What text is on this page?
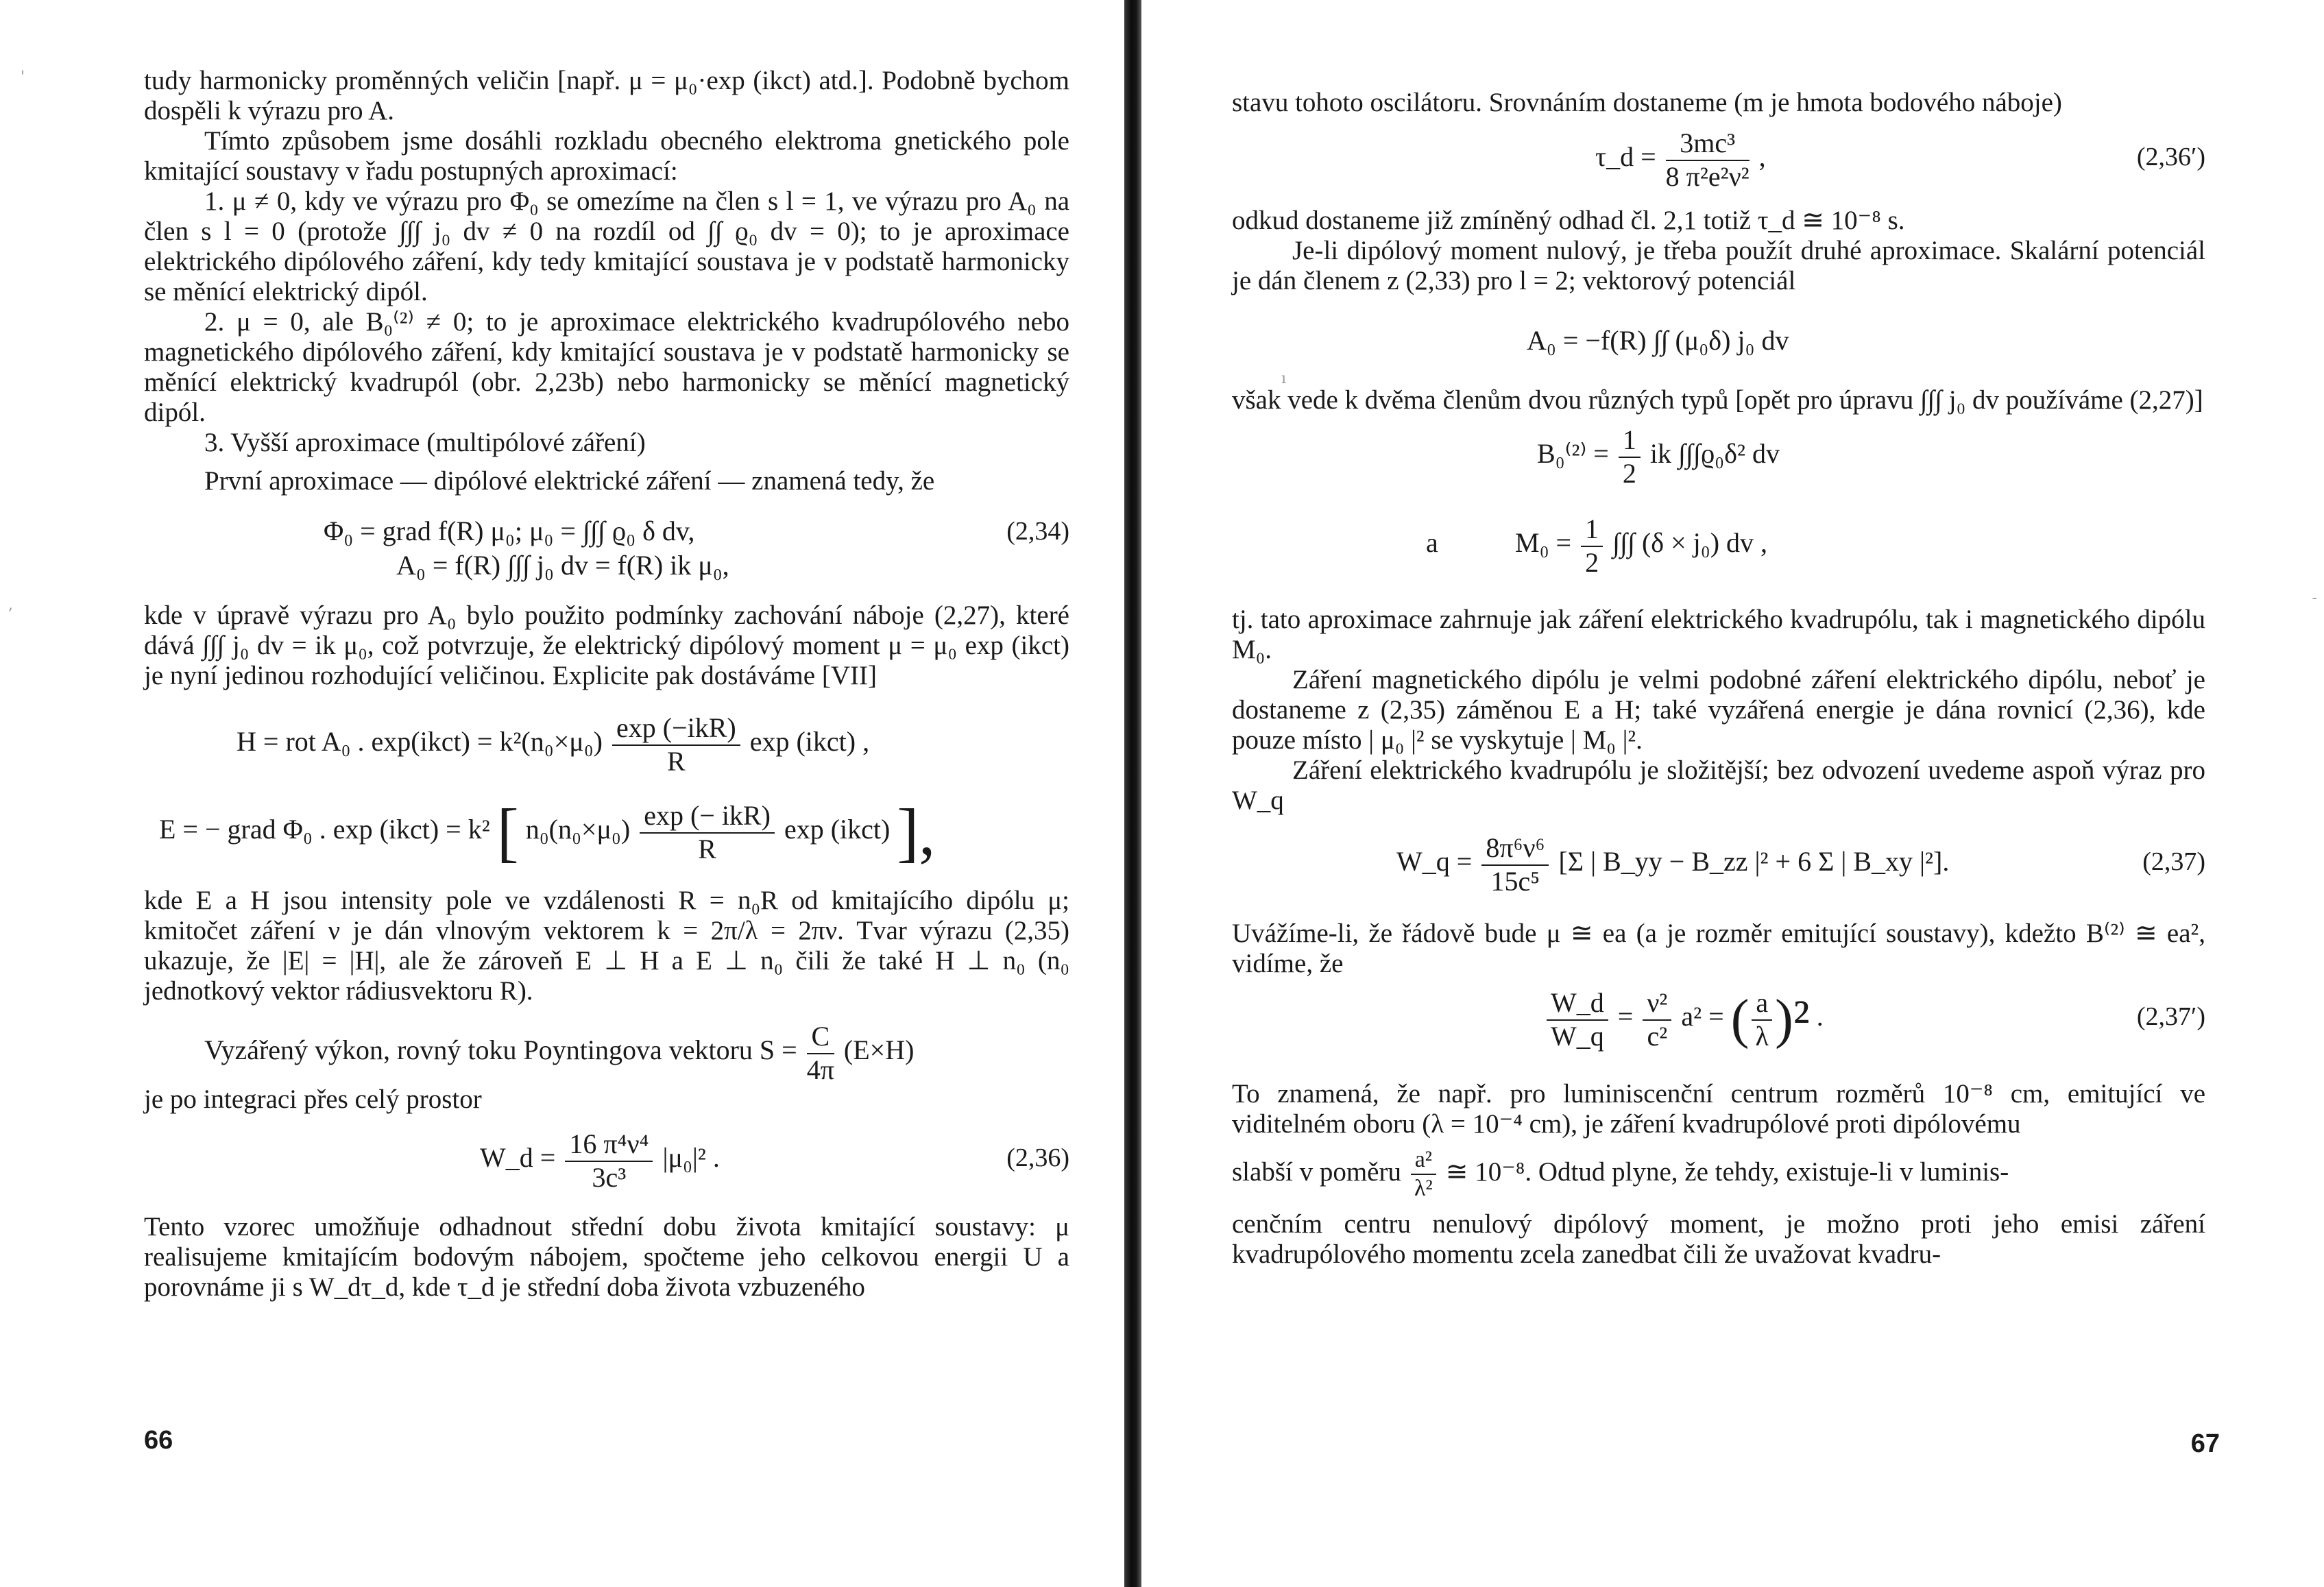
tudy harmonicky proměnných veličin [např. μ = μ₀·exp (ikct) atd.]. Podobně bychom dospěli k výrazu pro A.

Tímto způsobem jsme dosáhli rozkladu obecného elektroma gnetického pole kmitající soustavy v řadu postupných aproximací:

1. μ ≠ 0, kdy ve výrazu pro Φ₀ se omezíme na člen s l = 1, ve výrazu pro A₀ na člen s l = 0 (protože ∫∫∫ j₀ dv ≠ 0 na rozdíl od ∫∫ ϱ₀ dv = 0); to je aproximace elektrického dipólového záření, kdy tedy kmitající soustava je v podstatě harmonicky se měnící elektrický dipól.

2. μ = 0, ale B₀⁽²⁾ ≠ 0; to je aproximace elektrického kvadrupólového nebo magnetického dipólového záření, kdy kmitající soustava je v podstatě harmonicky se měnící elektrický kvadrupól (obr. 2,23b) nebo harmonicky se měnící magnetický dipól.

3. Vyšší aproximace (multipólové záření)

První aproximace — dipólové elektrické záření — znamená tedy, že

Φ₀ = grad f(R) μ₀; μ₀ = ∫∫∫ ϱ₀ δ dv,	(2,34)
A₀ = f(R) ∫∫∫ j₀ dv = f(R) ik μ₀,

kde v úpravě výrazu pro A₀ bylo použito podmínky zachování náboje (2,27), které dává ∫∫∫ j₀ dv = ik μ₀, což potvrzuje, že elektrický dipólový moment μ = μ₀ exp (ikct) je nyní jedinou rozhodující veličinou. Explicite pak dostáváme [VII]

H = rot A₀ . exp(ikct) = $k^2(n_0\times\mu_0) \frac{\text{exp (−ikR)}}{R}$ exp (ikct) ,
E = − grad Φ₀ . exp (ikct) = k² [ $n_0(n_0\times\mu_0) \frac{\text{exp (− ikR)}}{R}$ exp (ikct) ],

kde E a H jsou intensity pole ve vzdálenosti R = n₀R od kmitajícího dipólu μ; kmitočet záření ν je dán vlnovým vektorem k = 2π/λ = 2πν. Tvar výrazu (2,35) ukazuje, že |E| = |H|, ale že zároveň E ⊥ H a E ⊥ n₀ čili že také H ⊥ n₀ (n₀ jednotkový vektor rádiusvektoru R).

Vyzářený výkon, rovný toku Poyntingova vektoru $S = \frac{C}{4\pi} (E\times H)$

je po integraci přes celý prostor

W_d = $\frac{\text{16 π⁴ν⁴}}{\text{3c³}} |\mu_0|^2$ .	(2,36)

Tento vzorec umožňuje odhadnout střední dobu života kmitající soustavy: μ realisujeme kmitajícím bodovým nábojem, spočteme jeho celkovou energii U a porovnáme ji s W_dτ_d, kde τ_d je střední doba života vzbuzeného

66
'
,

stavu tohoto oscilátoru. Srovnáním dostaneme (m je hmota bodového náboje)

τ_d = $\frac{\text{3mc³}}{\text{8 π²e²ν²}}$ ,	(2,36′)

odkud dostaneme již zmíněný odhad čl. 2,1 totiž τ_d ≅ 10⁻⁸ s.

Je-li dipólový moment nulový, je třeba použít druhé aproximace. Skalární potenciál je dán členem z (2,33) pro l = 2; vektorový potenciál

A₀ = −f(R) ∫∫ (μ₀δ) j₀ dv

však vede k dvěma členům dvou různých typů [opět pro úpravu ∫∫∫ j₀ dv používáme (2,27)]

$B_0^{(2)} = \frac{1}{2}$ ik ∫∫∫ϱ₀δ² dv
a	$M_0 = \frac{1}{2}$ ∫∫∫ (δ × j₀) dv ,

tj. tato aproximace zahrnuje jak záření elektrického kvadrupólu, tak i magnetického dipólu M₀.

Záření magnetického dipólu je velmi podobné záření elektrického dipólu, neboť je dostaneme z (2,35) záměnou E a H; také vyzářená energie je dána rovnicí (2,36), kde pouze místo | μ₀ |² se vyskytuje | M₀ |².

Záření elektrického kvadrupólu je složitější; bez odvození uvedeme aspoň výraz pro W_q

W_q = $\frac{\text{8π⁶ν⁶}}{\text{15c⁵}} [\Sigma$ | B_yy − B_zz |² + 6 Σ | B_xy |²].	(2,37)

Uvážíme-li, že řádově bude μ ≅ ea (a je rozměr emitující soustavy), kdežto B⁽²⁾ ≅ ea², vidíme, že

$\frac{W\_d}{W\_q} = \frac{\text{ν²}}{\text{c²}} a^2$ = ( $\frac{a}{\lambda} )^2$ .	(2,37′)

To znamená, že např. pro luminiscenční centrum rozměrů 10⁻⁸ cm, emitující ve viditelném oboru (λ = 10⁻⁴ cm), je záření kvadrupólové proti dipólovému

slabší v poměru $\frac{\text{a²}}{\text{λ²}}$ ≅ 10⁻⁸. Odtud plyne, že tehdy, existuje-li v luminis-

cenčním centru nenulový dipólový moment, je možno proti jeho emisi záření kvadrupólového momentu zcela zanedbat čili že uvažovat kvadru-

67
ı
-
